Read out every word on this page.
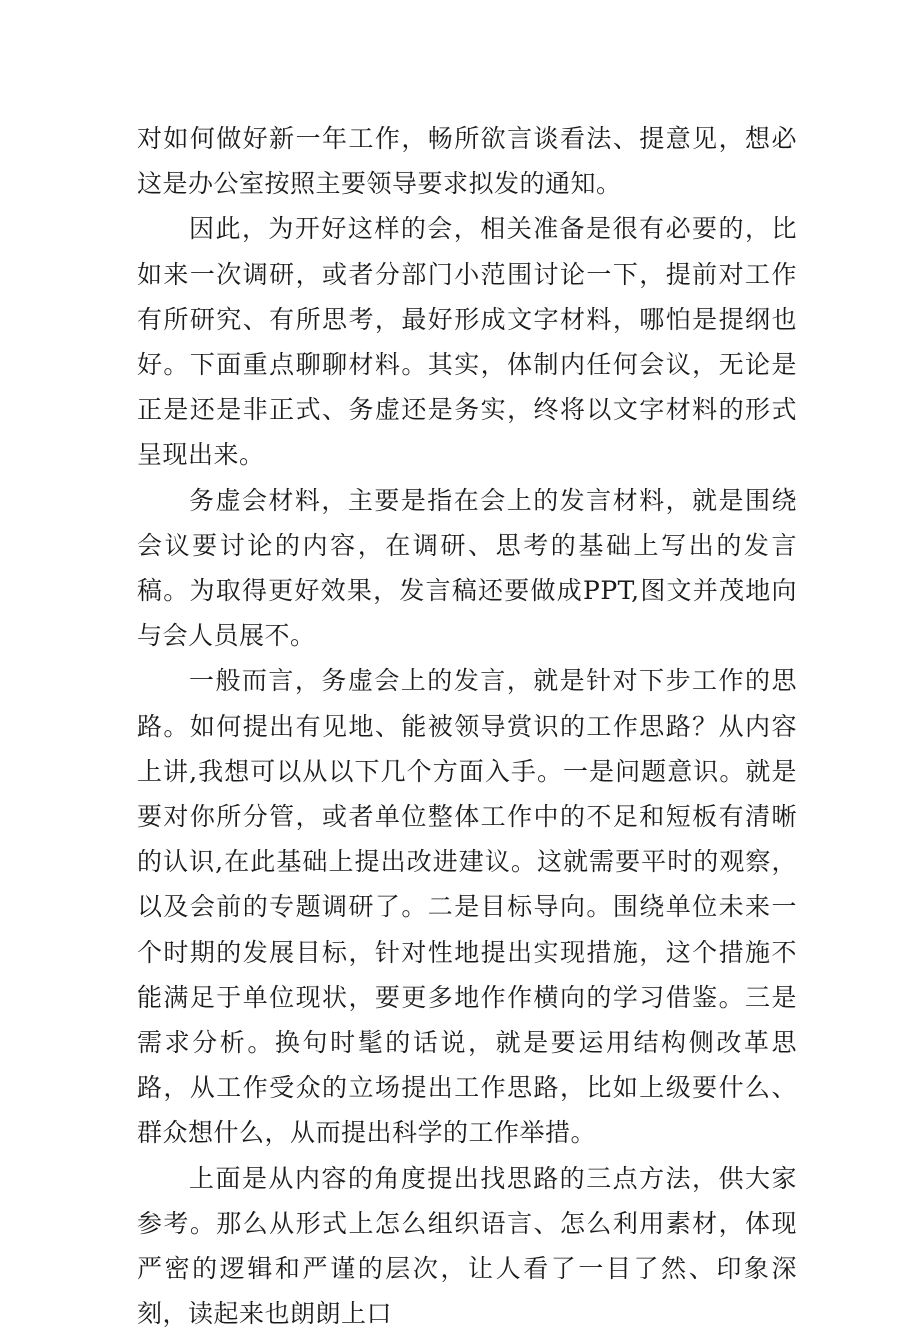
对如何做好新一年工作，畅所欲言谈看法、提意见，想必这是办公室按照主要领导要求拟发的通知。

因此，为开好这样的会，相关准备是很有必要的，比如来一次调研，或者分部门小范围讨论一下，提前对工作有所研究、有所思考，最好形成文字材料，哪怕是提纲也好。下面重点聊聊材料。其实，体制内任何会议，无论是正是还是非正式、务虚还是务实，终将以文字材料的形式呈现出来。

务虚会材料，主要是指在会上的发言材料，就是围绕会议要讨论的内容，在调研、思考的基础上写出的发言稿。为取得更好效果，发言稿还要做成PPT,图文并茂地向与会人员展不。

一般而言，务虚会上的发言，就是针对下步工作的思路。如何提出有见地、能被领导赏识的工作思路？从内容上讲,我想可以从以下几个方面入手。一是问题意识。就是要对你所分管，或者单位整体工作中的不足和短板有清晰的认识,在此基础上提出改进建议。这就需要平时的观察，以及会前的专题调研了。二是目标导向。围绕单位未来一个时期的发展目标，针对性地提出实现措施，这个措施不能满足于单位现状，要更多地作作横向的学习借鉴。三是需求分析。换句时髦的话说，就是要运用结构侧改革思路，从工作受众的立场提出工作思路，比如上级要什么、群众想什么，从而提出科学的工作举措。

上面是从内容的角度提出找思路的三点方法，供大家参考。那么从形式上怎么组织语言、怎么利用素材，体现严密的逻辑和严谨的层次，让人看了一目了然、印象深刻，读起来也朗朗上口
